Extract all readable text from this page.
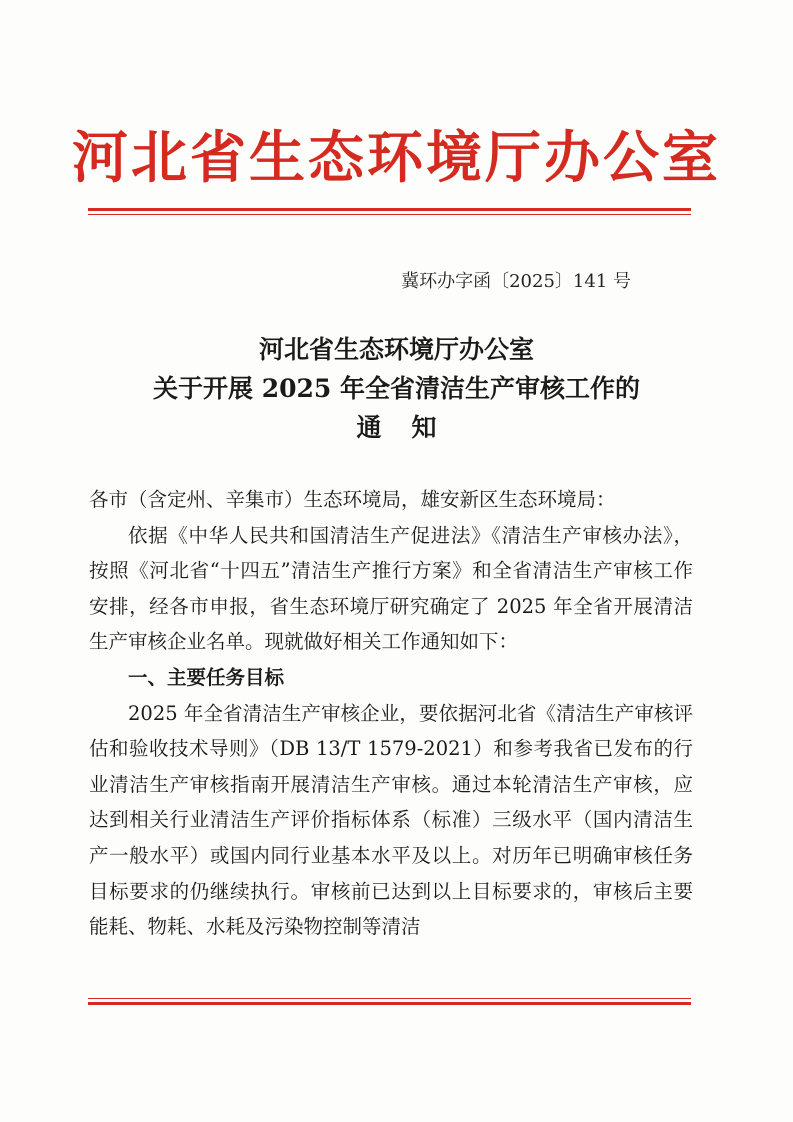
河北省生态环境厅办公室
冀环办字函〔2025〕141 号
河北省生态环境厅办公室
关于开展 2025 年全省清洁生产审核工作的
通知

各市（含定州、辛集市）生态环境局，雄安新区生态环境局：

依据《中华人民共和国清洁生产促进法》《清洁生产审核办法》，按照《河北省“十四五”清洁生产推行方案》和全省清洁生产审核工作安排，经各市申报，省生态环境厅研究确定了 2025 年全省开展清洁生产审核企业名单。现就做好相关工作通知如下：

一、主要任务目标

2025 年全省清洁生产审核企业，要依据河北省《清洁生产审核评估和验收技术导则》（DB 13/T 1579-2021）和参考我省已发布的行业清洁生产审核指南开展清洁生产审核。通过本轮清洁生产审核，应达到相关行业清洁生产评价指标体系（标准）三级水平（国内清洁生产一般水平）或国内同行业基本水平及以上。对历年已明确审核任务目标要求的仍继续执行。审核前已达到以上目标要求的，审核后主要能耗、物耗、水耗及污染物控制等清洁
